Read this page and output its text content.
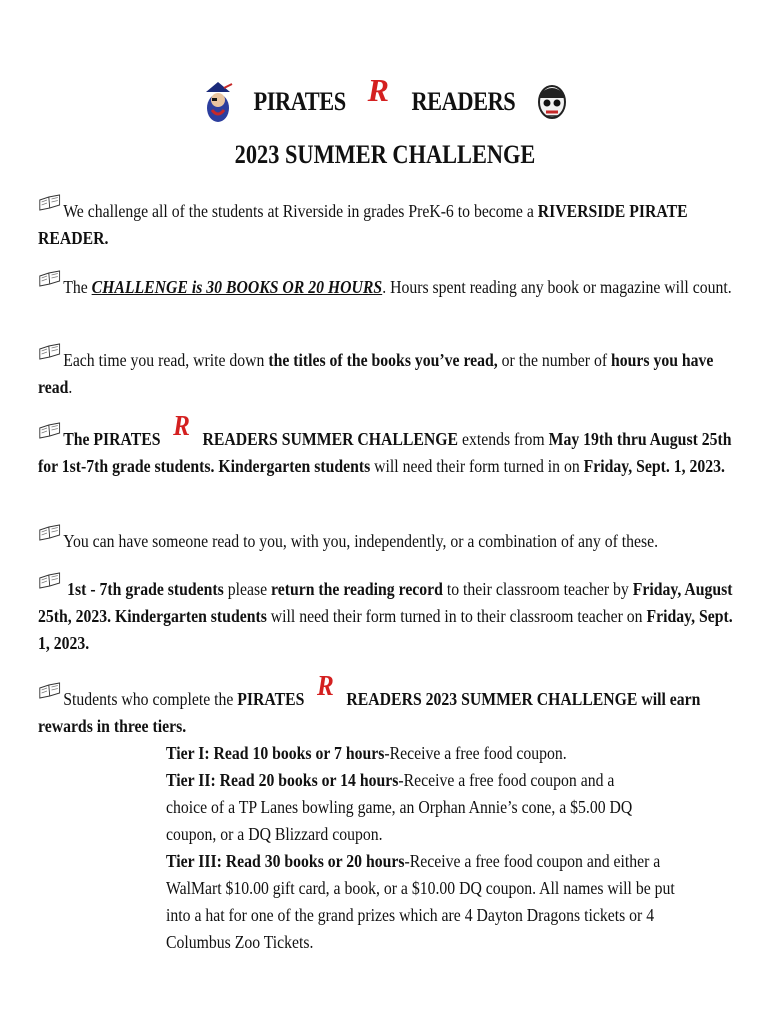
PIRATES R READERS
2023 SUMMER CHALLENGE
We challenge all of the students at Riverside in grades PreK-6 to become a RIVERSIDE PIRATE READER.
The CHALLENGE is 30 BOOKS OR 20 HOURS. Hours spent reading any book or magazine will count.
Each time you read, write down the titles of the books you’ve read, or the number of hours you have read.
The PIRATES R READERS SUMMER CHALLENGE extends from May 19th thru August 25th for 1st-7th grade students. Kindergarten students will need their form turned in on Friday, Sept. 1, 2023.
You can have someone read to you, with you, independently, or a combination of any of these.
1st - 7th grade students please return the reading record to their classroom teacher by Friday, August 25th, 2023. Kindergarten students will need their form turned in to their classroom teacher on Friday, Sept. 1, 2023.
Students who complete the PIRATES R READERS 2023 SUMMER CHALLENGE will earn rewards in three tiers.
Tier I: Read 10 books or 7 hours-Receive a free food coupon.
Tier II: Read 20 books or 14 hours-Receive a free food coupon and a choice of a TP Lanes bowling game, an Orphan Annie’s cone, a $5.00 DQ coupon, or a DQ Blizzard coupon.
Tier III: Read 30 books or 20 hours-Receive a free food coupon and either a WalMart $10.00 gift card, a book, or a $10.00 DQ coupon. All names will be put into a hat for one of the grand prizes which are 4 Dayton Dragons tickets or 4 Columbus Zoo Tickets.
